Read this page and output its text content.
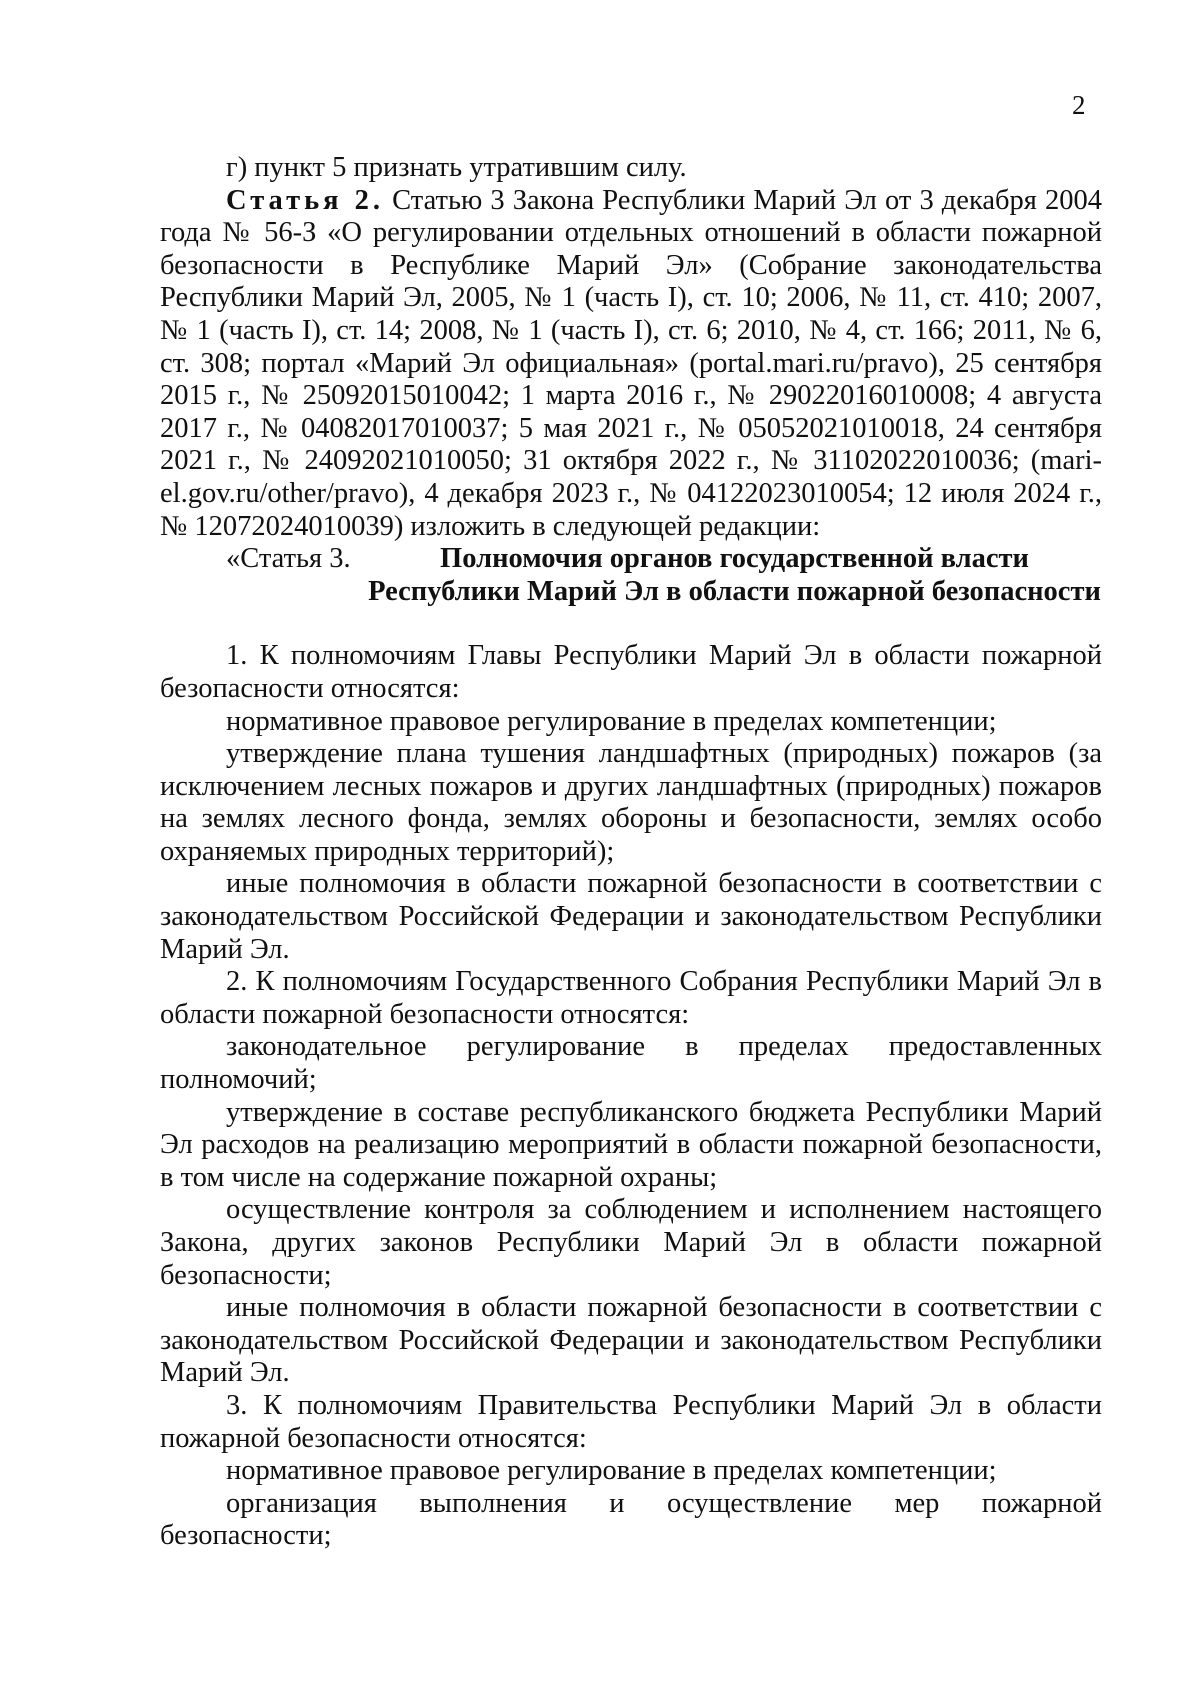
2

г) пункт 5 признать утратившим силу.

Статья 2. Статью 3 Закона Республики Марий Эл от 3 декабря 2004 года № 56-З «О регулировании отдельных отношений в области пожарной безопасности в Республике Марий Эл» (Собрание законодательства Республики Марий Эл, 2005, № 1 (часть I), ст. 10; 2006, № 11, ст. 410; 2007, № 1 (часть I), ст. 14; 2008, № 1 (часть I), ст. 6; 2010, № 4, ст. 166; 2011, № 6, ст. 308; портал «Марий Эл официальная» (portal.mari.ru/pravo), 25 сентября 2015 г., № 25092015010042; 1 марта 2016 г., № 29022016010008; 4 августа 2017 г., № 04082017010037; 5 мая 2021 г., № 05052021010018, 24 сентября 2021 г., № 24092021010050; 31 октября 2022 г., № 31102022010036; (mari-el.gov.ru/other/pravo), 4 декабря 2023 г., № 04122023010054; 12 июля 2024 г., № 12072024010039) изложить в следующей редакции:

«Статья 3.	Полномочия органов государственной власти Республики Марий Эл в области пожарной безопасности

1. К полномочиям Главы Республики Марий Эл в области пожарной безопасности относятся:

нормативное правовое регулирование в пределах компетенции;

утверждение плана тушения ландшафтных (природных) пожаров (за исключением лесных пожаров и других ландшафтных (природных) пожаров на землях лесного фонда, землях обороны и безопасности, землях особо охраняемых природных территорий);

иные полномочия в области пожарной безопасности в соответствии с законодательством Российской Федерации и законодательством Республики Марий Эл.

2. К полномочиям Государственного Собрания Республики Марий Эл в области пожарной безопасности относятся:

законодательное регулирование в пределах предоставленных полномочий;

утверждение в составе республиканского бюджета Республики Марий Эл расходов на реализацию мероприятий в области пожарной безопасности, в том числе на содержание пожарной охраны;

осуществление контроля за соблюдением и исполнением настоящего Закона, других законов Республики Марий Эл в области пожарной безопасности;

иные полномочия в области пожарной безопасности в соответствии с законодательством Российской Федерации и законодательством Республики Марий Эл.

3. К полномочиям Правительства Республики Марий Эл в области пожарной безопасности относятся:

нормативное правовое регулирование в пределах компетенции;

организация выполнения и осуществление мер пожарной безопасности;
